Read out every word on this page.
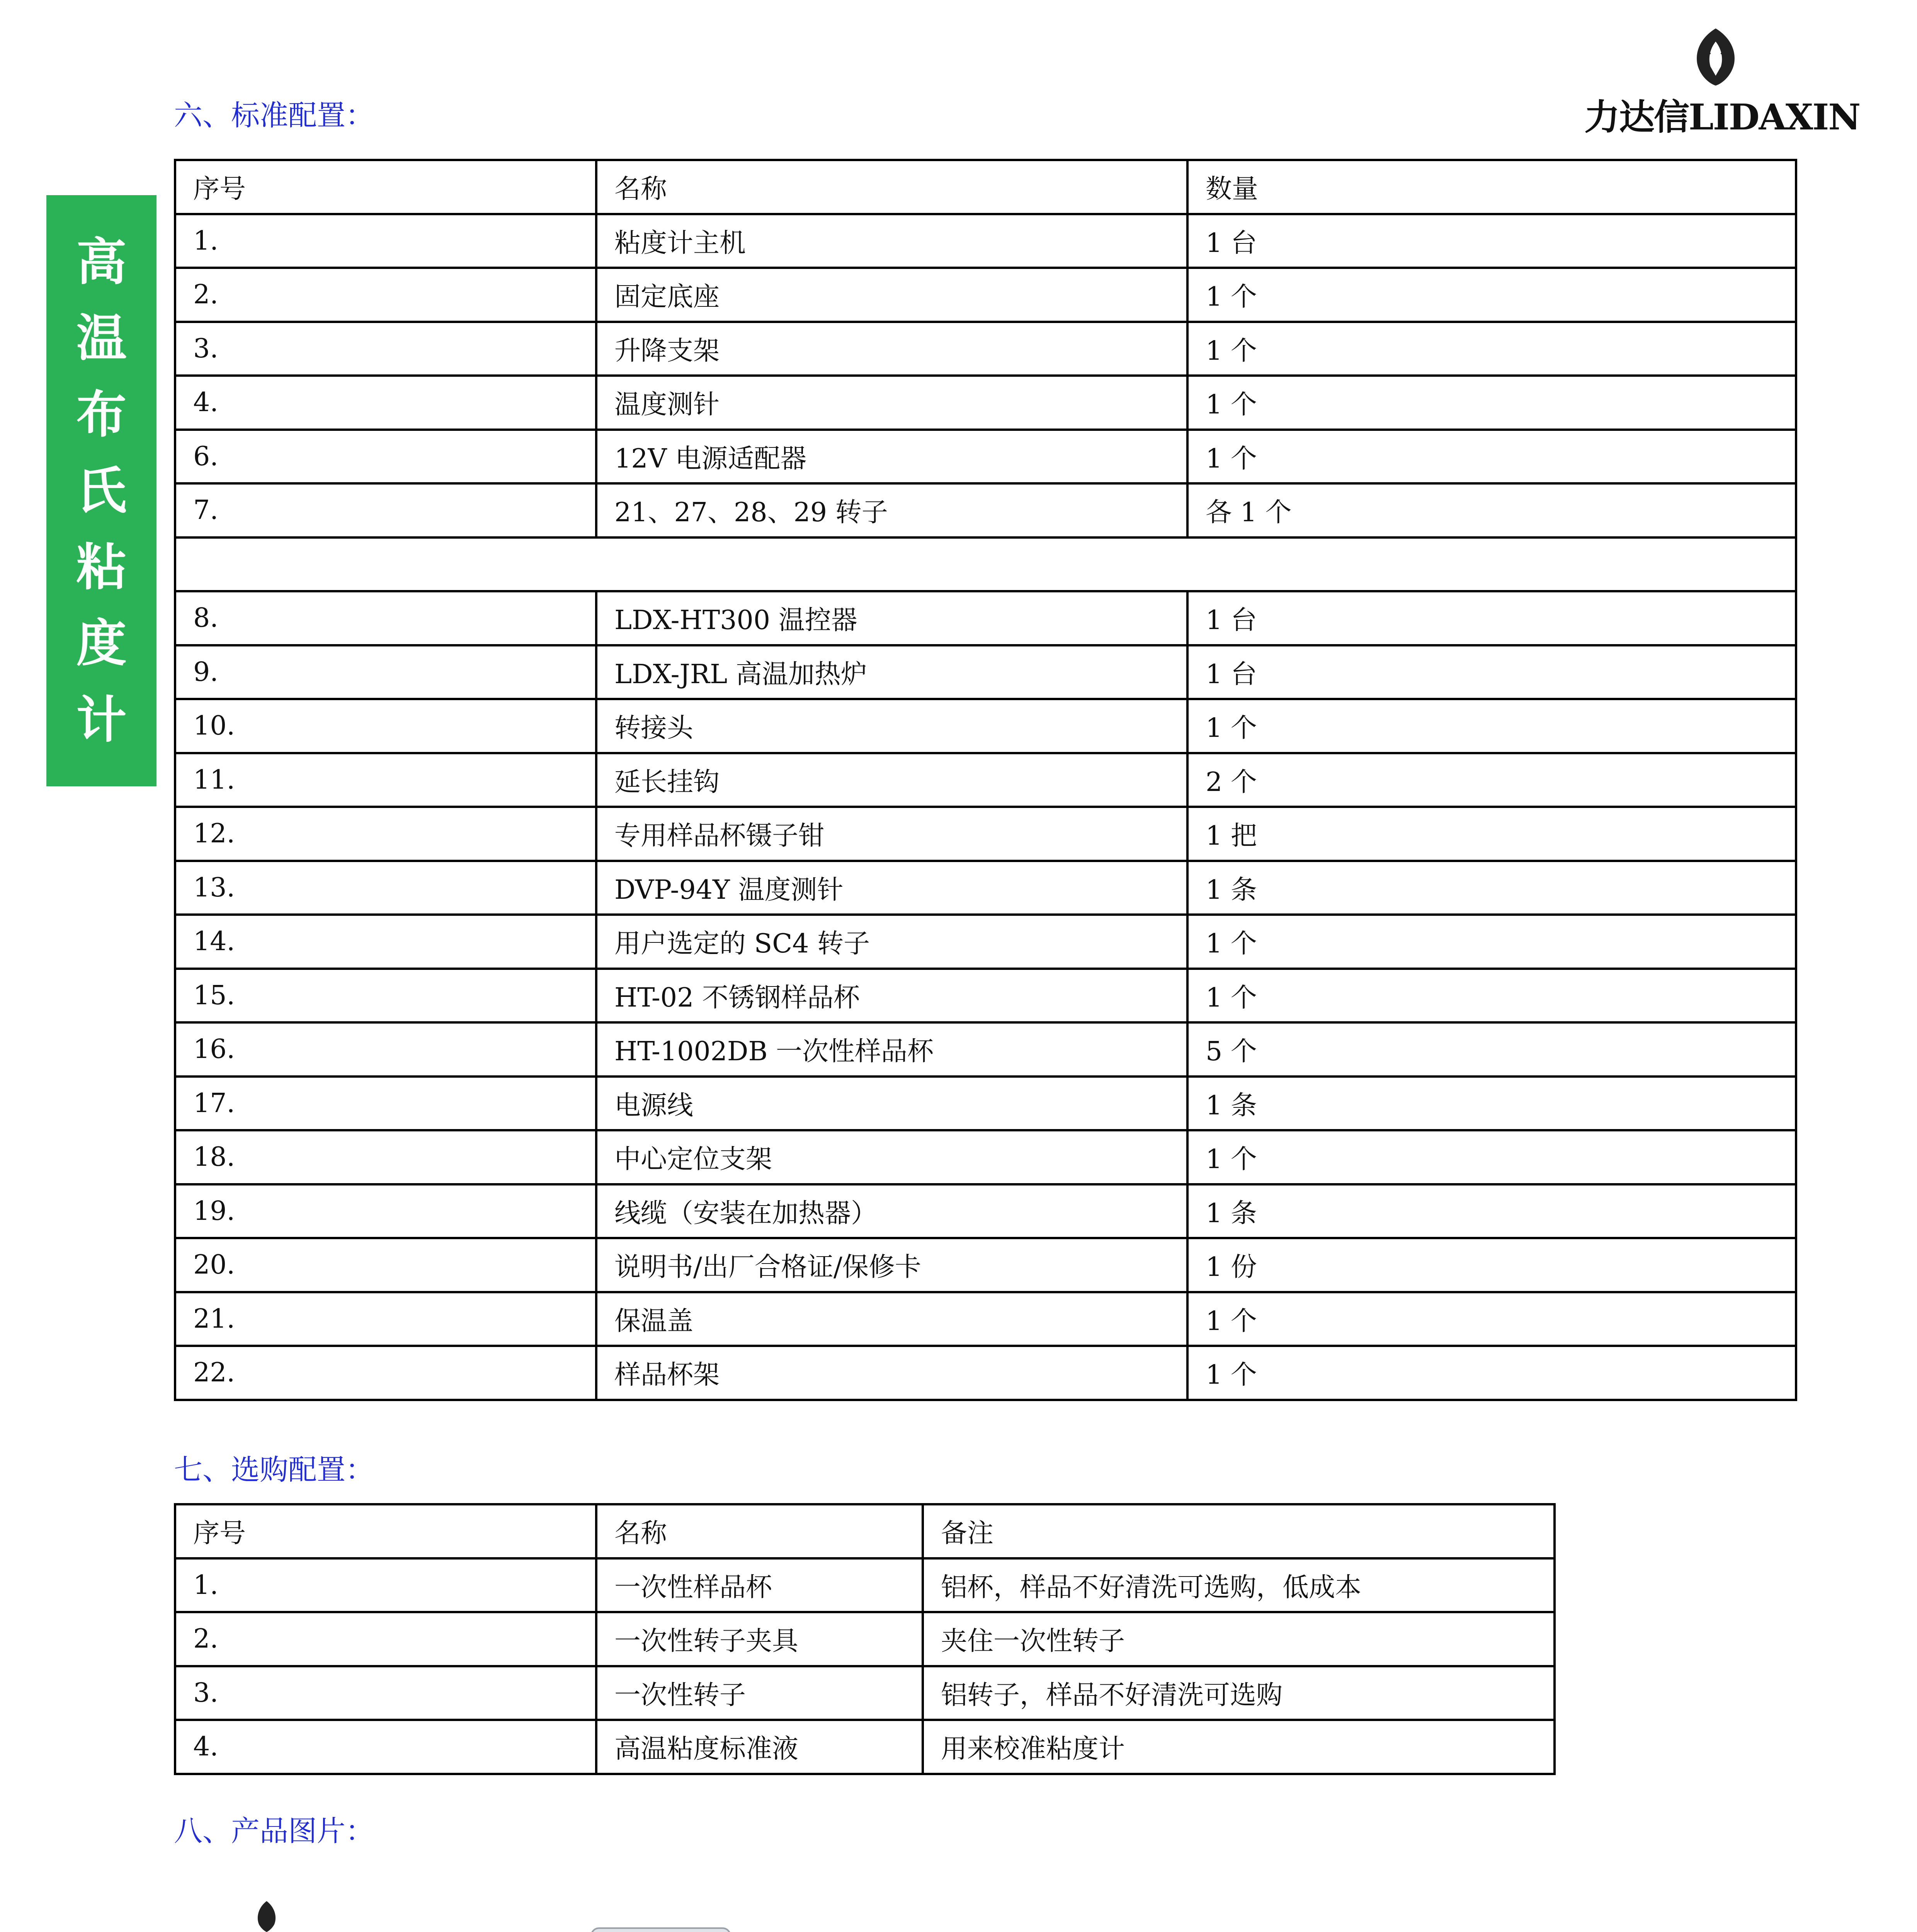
力达信LIDAXIN
六、标准配置：
高
温
布
氏
粘
度
计
序号	名称	数量
1.	粘度计主机	1 台
2.	固定底座	1 个
3.	升降支架	1 个
4.	温度测针	1 个
6.	12V 电源适配器	1 个
7.	21、27、28、29 转子	各 1 个

8.	LDX-HT300 温控器	1 台
9.	LDX-JRL 高温加热炉	1 台
10.	转接头	1 个
11.	延长挂钩	2 个
12.	专用样品杯镊子钳	1 把
13.	DVP-94Y 温度测针	1 条
14.	用户选定的 SC4 转子	1 个
15.	HT-02 不锈钢样品杯	1 个
16.	HT-1002DB 一次性样品杯	5 个
17.	电源线	1 条
18.	中心定位支架	1 个
19.	线缆（安装在加热器）	1 条
20.	说明书/出厂合格证/保修卡	1 份
21.	保温盖	1 个
22.	样品杯架	1 个
七、选购配置：
序号	名称	备注
1.	一次性样品杯	铝杯，样品不好清洗可选购，低成本
2.	一次性转子夹具	夹住一次性转子
3.	一次性转子	铝转子，样品不好清洗可选购
4.	高温粘度标准液	用来校准粘度计
八、产品图片：
